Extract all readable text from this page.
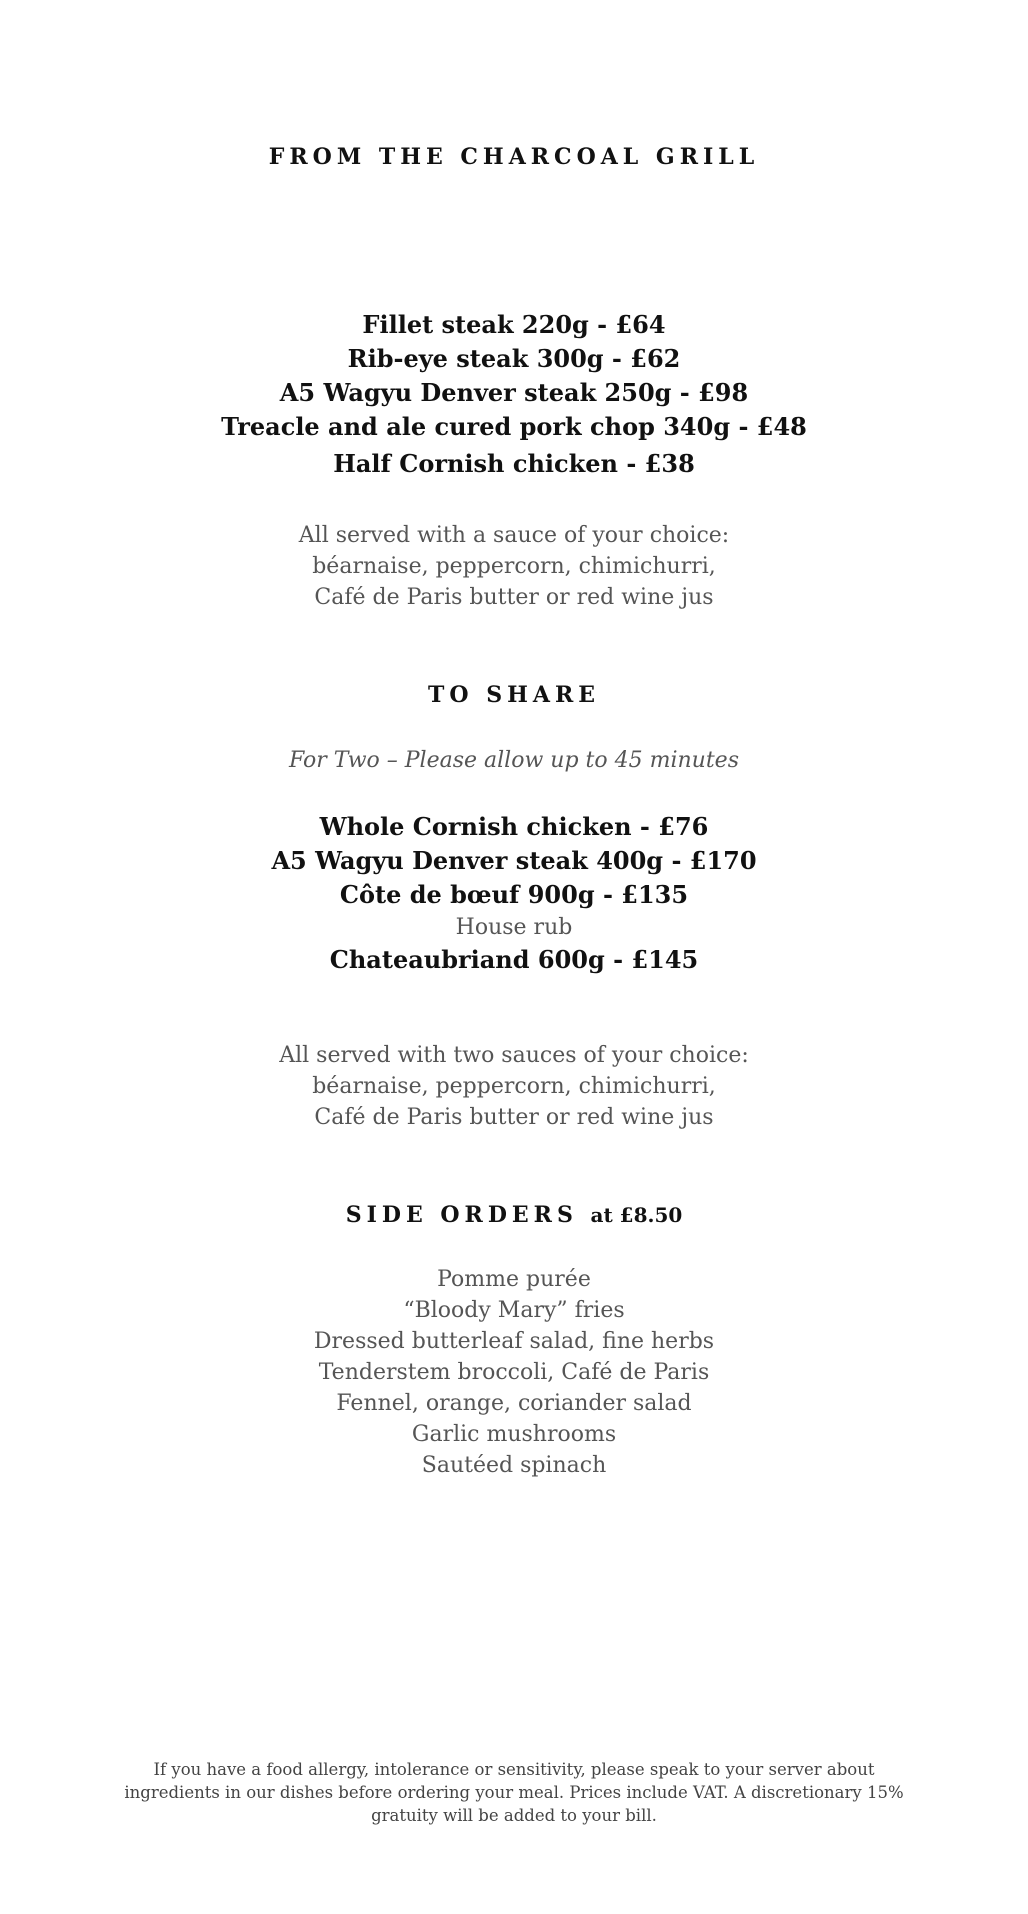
FROM THE CHARCOAL GRILL
Fillet steak 220g - £64
Rib-eye steak 300g - £62
A5 Wagyu Denver steak 250g - £98
Treacle and ale cured pork chop 340g - £48
Half Cornish chicken - £38
All served with a sauce of your choice:
béarnaise, peppercorn, chimichurri,
Café de Paris butter or red wine jus
TO SHARE
For Two – Please allow up to 45 minutes
Whole Cornish chicken - £76
A5 Wagyu Denver steak 400g - £170
Côte de bœuf 900g - £135
House rub
Chateaubriand 600g - £145
All served with two sauces of your choice:
béarnaise, peppercorn, chimichurri,
Café de Paris butter or red wine jus
SIDE ORDERS at £8.50
Pomme purée
“Bloody Mary” fries
Dressed butterleaf salad, fine herbs
Tenderstem broccoli, Café de Paris
Fennel, orange, coriander salad
Garlic mushrooms
Sautéed spinach
If you have a food allergy, intolerance or sensitivity, please speak to your server about
ingredients in our dishes before ordering your meal. Prices include VAT. A discretionary 15%
gratuity will be added to your bill.
